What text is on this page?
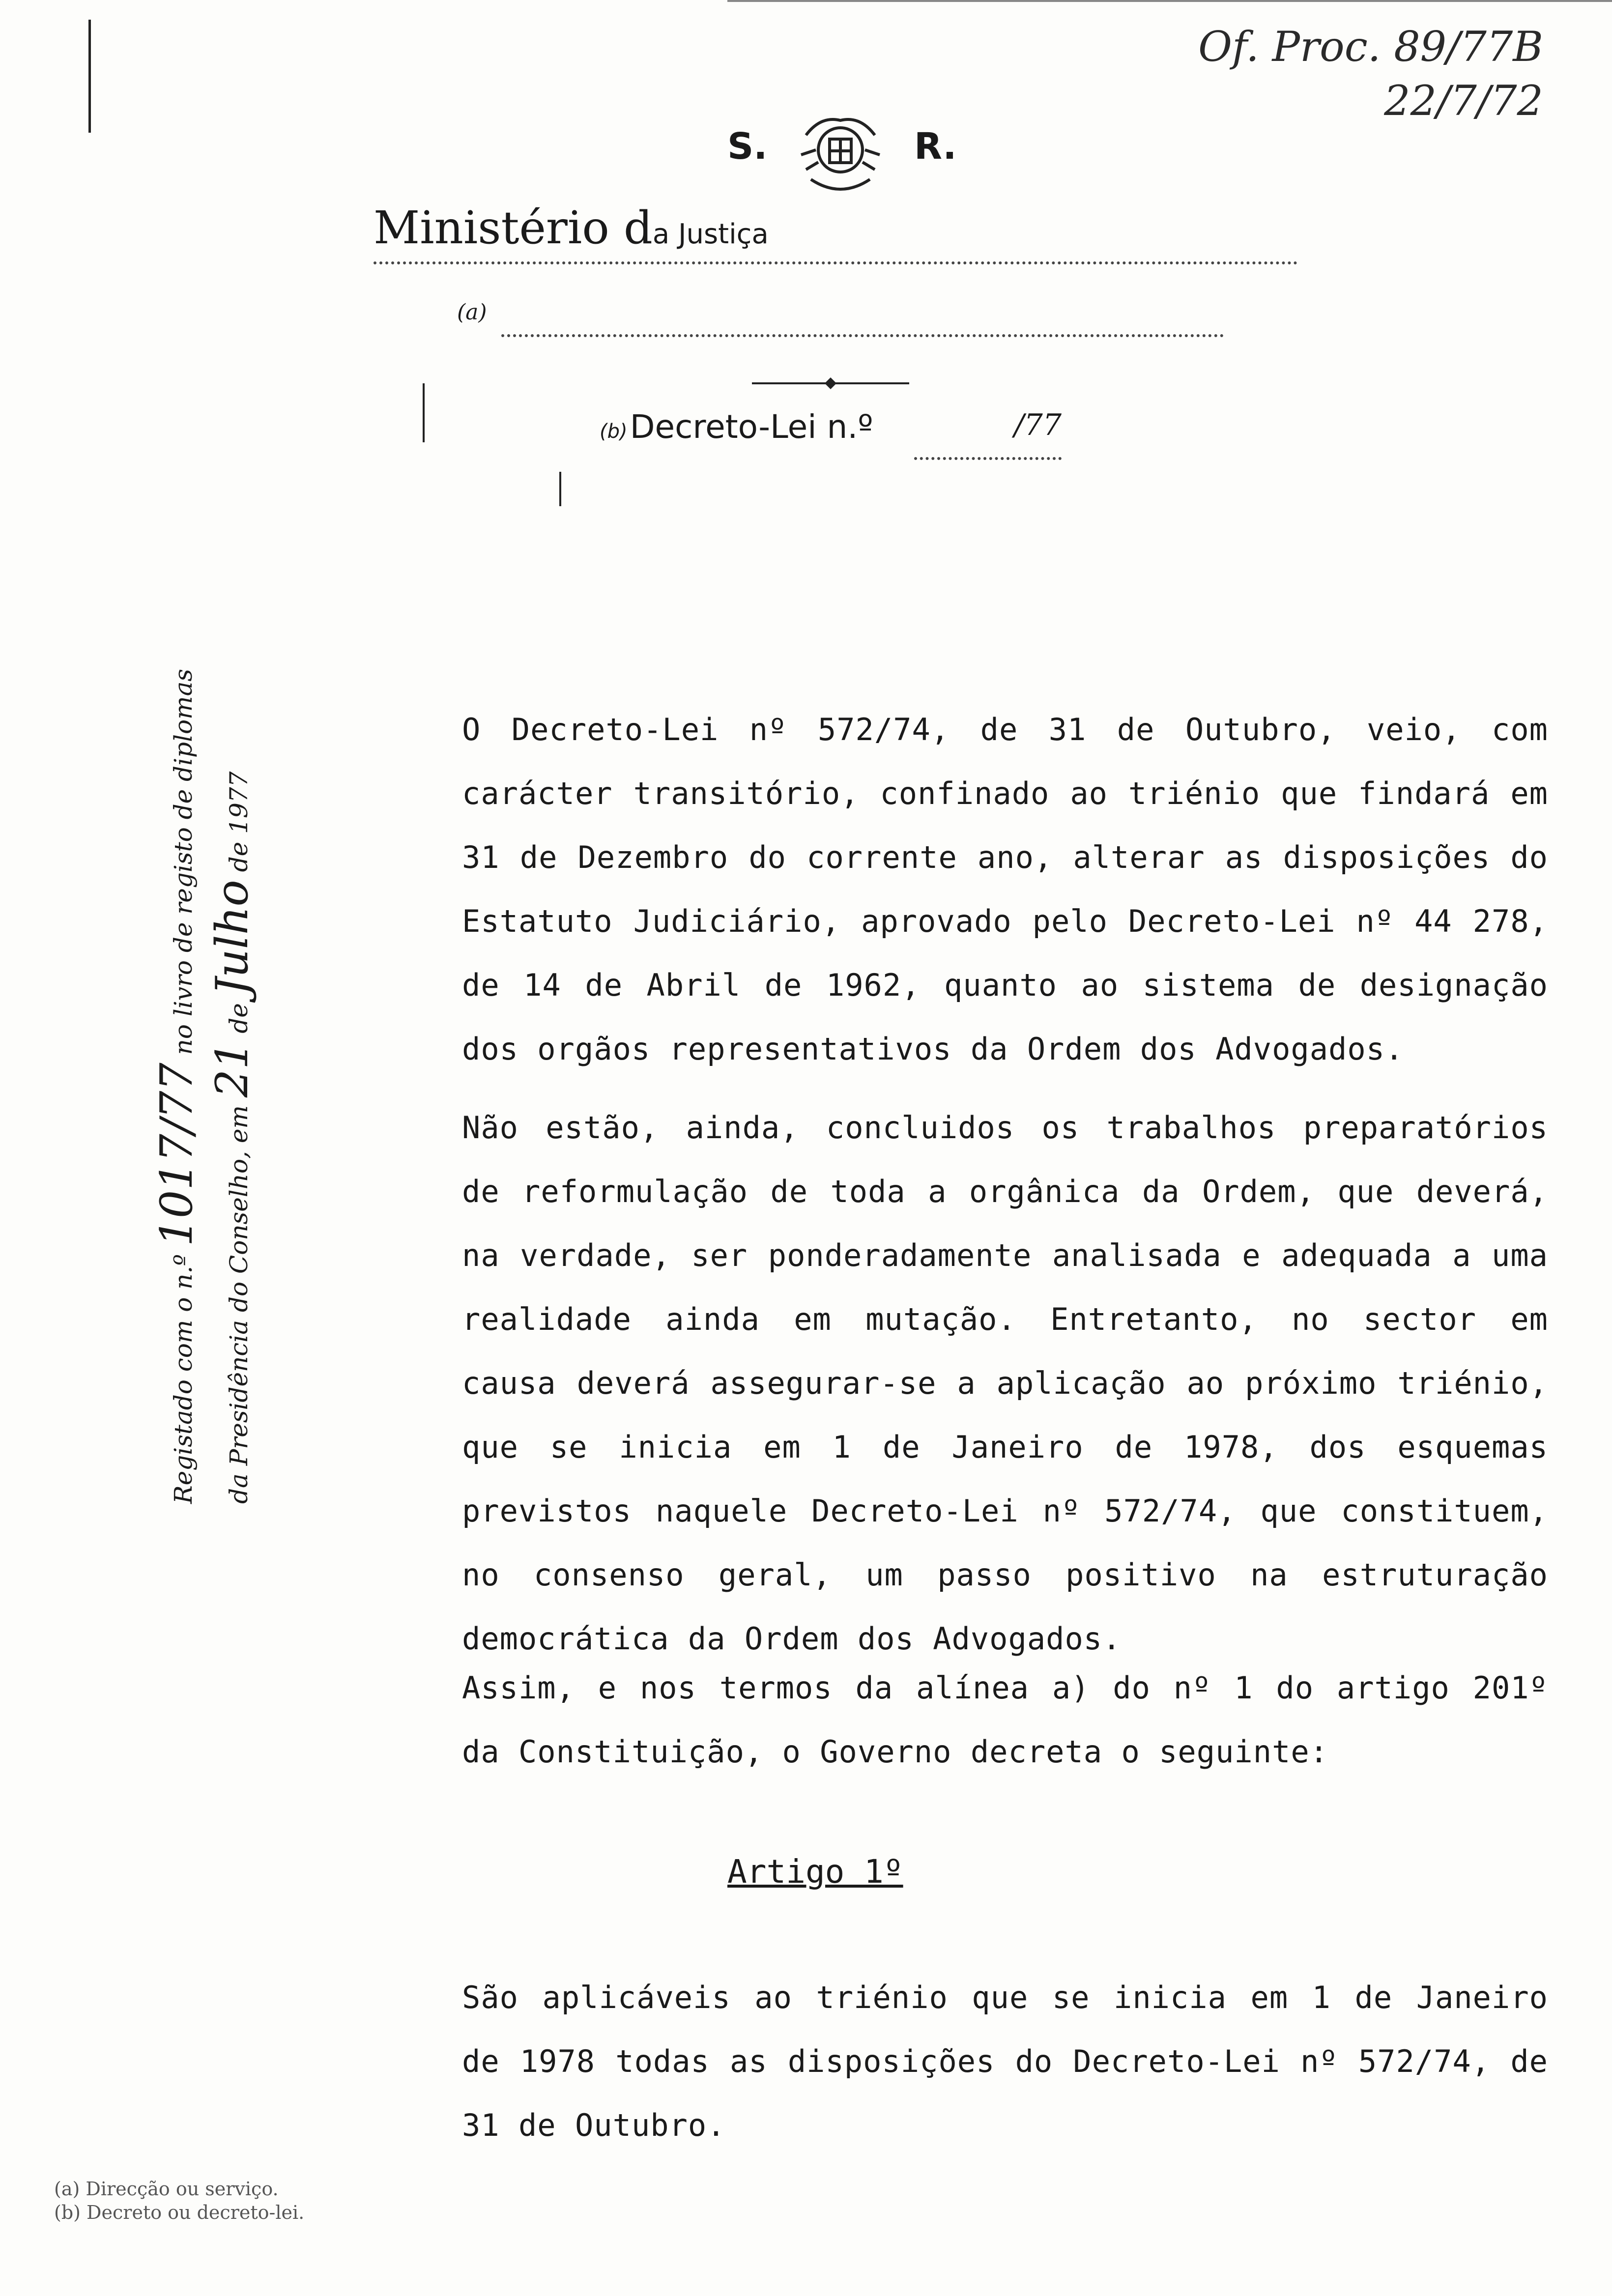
Of. Proc. 89/77B
22/7/72
S.	R.
Ministério da Justiça
(a)
(b) Decreto-Lei n.º	/77
Registado com o n.º 1017/77 no livro de registo de diplomas
da Presidência do Conselho, em 21 de Julho de 1977
O Decreto-Lei nº 572/74, de 31 de Outubro, veio, com carácter transitório, confinado ao triénio que findará em 31 de Dezembro do corrente ano, alterar as disposições do Estatuto Judiciário, aprovado pelo Decreto-Lei nº 44 278, de 14 de Abril de 1962, quanto ao sistema de designação dos orgãos representativos da Ordem dos Advogados.
Não estão, ainda, concluidos os trabalhos preparatórios de reformulação de toda a orgânica da Ordem, que deverá, na verdade, ser ponderadamente analisada e adequada a uma realidade ainda em mutação. Entretanto, no sector em causa deverá assegurar-se a aplicação ao próximo triénio, que se inicia em 1 de Janeiro de 1978, dos esquemas previstos naquele Decreto-Lei nº 572/74, que constituem, no consenso geral, um passo positivo na estruturação democrática da Ordem dos Advogados.
Assim, e nos termos da alínea a) do nº 1 do artigo 201º da Constituição, o Governo decreta o seguinte:
Artigo 1º
São aplicáveis ao triénio que se inicia em 1 de Janeiro de 1978 todas as disposições do Decreto-Lei nº 572/74, de 31 de Outubro.
(a) Direcção ou serviço.
(b) Decreto ou decreto-lei.
